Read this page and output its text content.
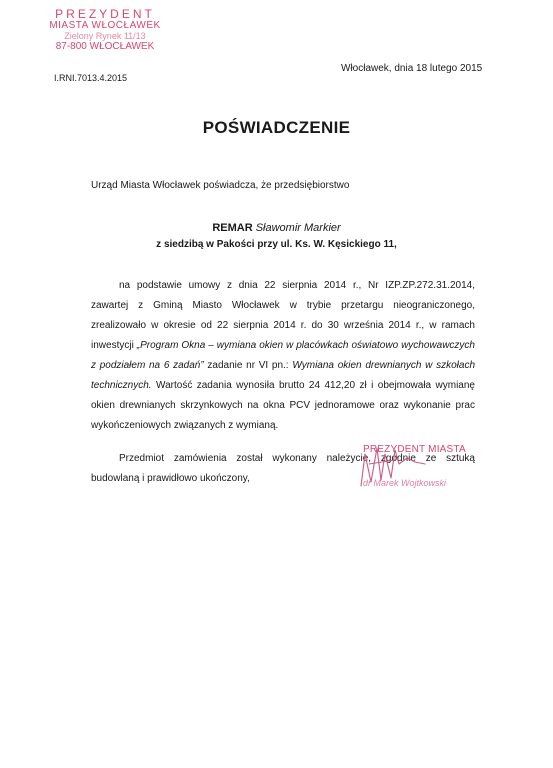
PREZYDENT
MIASTA WŁOCŁAWEK
Zielony Rynek 11/13
87-800 WŁOCŁAWEK
I.RNI.7013.4.2015
Włocławek, dnia 18 lutego 2015
POŚWIADCZENIE
Urząd Miasta Włocławek poświadcza, że przedsiębiorstwo
REMAR Sławomir Markier
z siedzibą w Pakości przy ul. Ks. W. Kęsickiego 11,

na podstawie umowy z dnia 22 sierpnia 2014 r., Nr IZP.ZP.272.31.2014, zawartej z Gminą Miasto Włocławek w trybie przetargu nieograniczonego, zrealizowało w okresie od 22 sierpnia 2014 r. do 30 września 2014 r., w ramach inwestycji „Program Okna – wymiana okien w placówkach oświatowo wychowawczych z podziałem na 6 zadań” zadanie nr VI pn.: Wymiana okien drewnianych w szkołach technicznych. Wartość zadania wynosiła brutto 24 412,20 zł i obejmowała wymianę okien drewnianych skrzynkowych na okna PCV jednoramowe oraz wykonanie prac wykończeniowych związanych z wymianą.

Przedmiot zamówienia został wykonany należycie, zgodnie ze sztuką budowlaną i prawidłowo ukończony,

PREZYDENT MIASTA
dr Marek Wojtkowski
